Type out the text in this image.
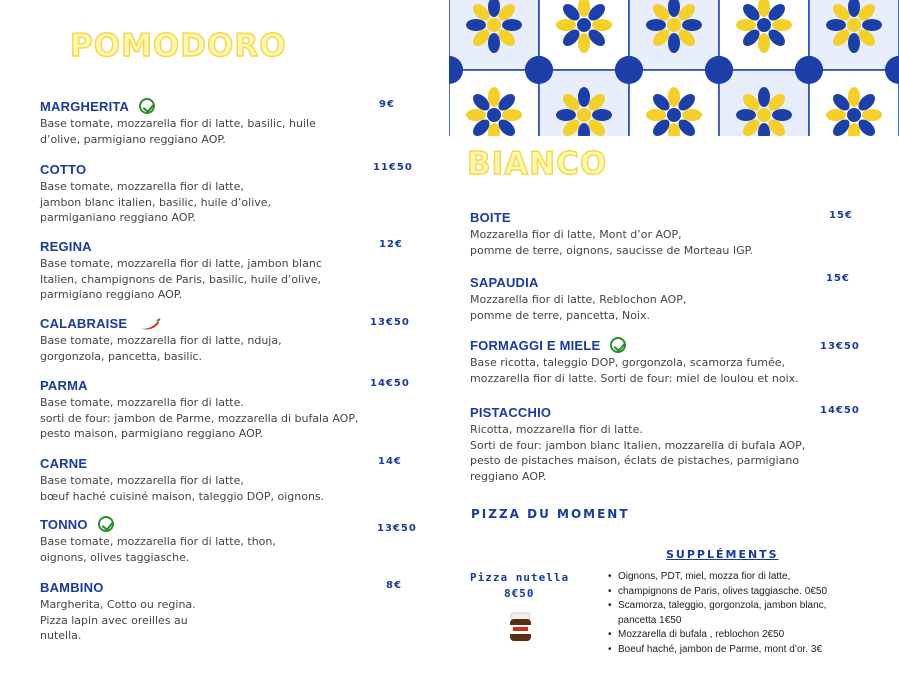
POMODORO
BIANCO
MARGHERITA
Base tomate, mozzarella fior di latte, basilic, huile
d’olive, parmigiano reggiano AOP.
9€
COTTO
Base tomate, mozzarella fior di latte,
jambon blanc italien, basilic, huile d’olive,
parmiganiano reggiano AOP.
11€50
REGINA
Base tomate, mozzarella fior di latte, jambon blanc
Italien, champignons de Paris, basilic, huile d’olive,
parmigiano reggiano AOP.
12€
CALABRAISE
Base tomate, mozzarella fior di latte, nduja,
gorgonzola, pancetta, basilic.
13€50
PARMA
Base tomate, mozzarella fior di latte.
sorti de four: jambon de Parme, mozzarella di bufala AOP,
pesto maison, parmigiano reggiano AOP.
14€50
CARNE
Base tomate, mozzarella fior di latte,
bœuf haché cuisiné maison, taleggio DOP, oignons.
14€
TONNO
Base tomate, mozzarella fior di latte, thon,
oignons, olives taggiasche.
13€50
BAMBINO
Margherita, Cotto ou regina.
Pizza lapin avec oreilles au
nutella.
8€
BOITE
Mozzarella fior di latte, Mont d’or AOP,
pomme de terre, oignons, saucisse de Morteau IGP.
15€
SAPAUDIA
Mozzarella fior di latte, Reblochon AOP,
pomme de terre, pancetta, Noix.
15€
FORMAGGI E MIELE
Base ricotta, taleggio DOP, gorgonzola, scamorza fumée,
mozzarella fior di latte. Sorti de four: miel de loulou et noix.
13€50
PISTACCHIO
Ricotta, mozzarella fior di latte.
Sorti de four: jambon blanc Italien, mozzarella di bufala AOP,
pesto de pistaches maison, éclats de pistaches, parmigiano
reggiano AOP.
14€50
PIZZA DU MOMENT
Pizza nutella
8€50
SUPPLÉMENTS
• Oignons, PDT, miel, mozza fior di latte,
• champignons de Paris, olives taggiasche. 0€50
• Scamorza, taleggio, gorgonzola, jambon blanc,
pancetta 1€50
• Mozzarella di bufala , reblochon 2€50
• Boeuf haché, jambon de Parme, mont d’or. 3€
